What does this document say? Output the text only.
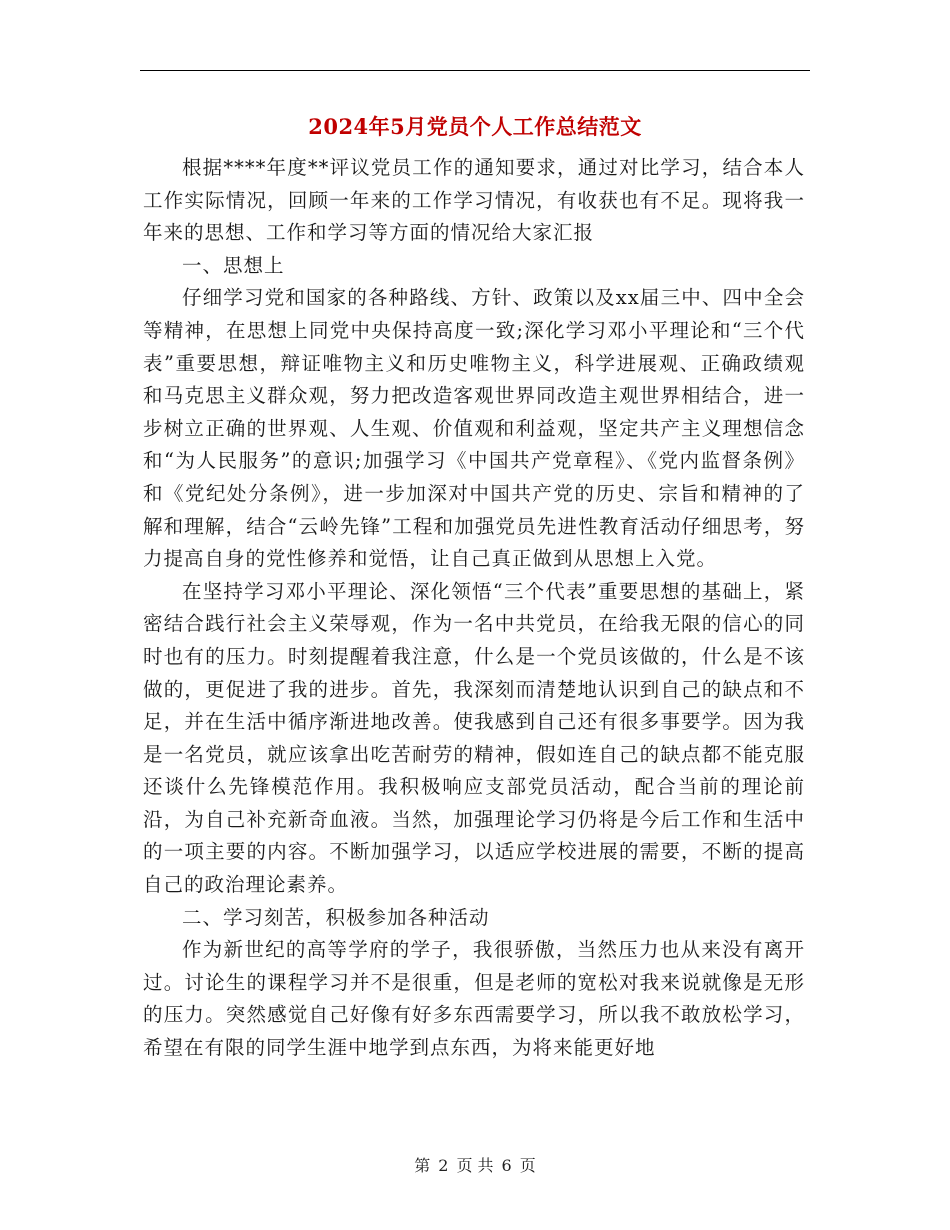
2024年5月党员个人工作总结范文

根据****年度**评议党员工作的通知要求，通过对比学习，结合本人工作实际情况，回顾一年来的工作学习情况，有收获也有不足。现将我一年来的思想、工作和学习等方面的情况给大家汇报

一、思想上

仔细学习党和国家的各种路线、方针、政策以及xx届三中、四中全会等精神，在思想上同党中央保持高度一致;深化学习邓小平理论和“三个代表”重要思想，辩证唯物主义和历史唯物主义，科学进展观、正确政绩观和马克思主义群众观，努力把改造客观世界同改造主观世界相结合，进一步树立正确的世界观、人生观、价值观和利益观，坚定共产主义理想信念和“为人民服务”的意识;加强学习《中国共产党章程》、《党内监督条例》和《党纪处分条例》，进一步加深对中国共产党的历史、宗旨和精神的了解和理解，结合“云岭先锋”工程和加强党员先进性教育活动仔细思考，努力提高自身的党性修养和觉悟，让自己真正做到从思想上入党。

在坚持学习邓小平理论、深化领悟“三个代表”重要思想的基础上，紧密结合践行社会主义荣辱观，作为一名中共党员，在给我无限的信心的同时也有的压力。时刻提醒着我注意，什么是一个党员该做的，什么是不该做的，更促进了我的进步。首先，我深刻而清楚地认识到自己的缺点和不足，并在生活中循序渐进地改善。使我感到自己还有很多事要学。因为我是一名党员，就应该拿出吃苦耐劳的精神，假如连自己的缺点都不能克服还谈什么先锋模范作用。我积极响应支部党员活动，配合当前的理论前沿，为自己补充新奇血液。当然，加强理论学习仍将是今后工作和生活中的一项主要的内容。不断加强学习，以适应学校进展的需要，不断的提高自己的政治理论素养。

二、学习刻苦，积极参加各种活动

作为新世纪的高等学府的学子，我很骄傲，当然压力也从来没有离开过。讨论生的课程学习并不是很重，但是老师的宽松对我来说就像是无形的压力。突然感觉自己好像有好多东西需要学习，所以我不敢放松学习，希望在有限的同学生涯中地学到点东西，为将来能更好地

第 2 页 共 6 页
